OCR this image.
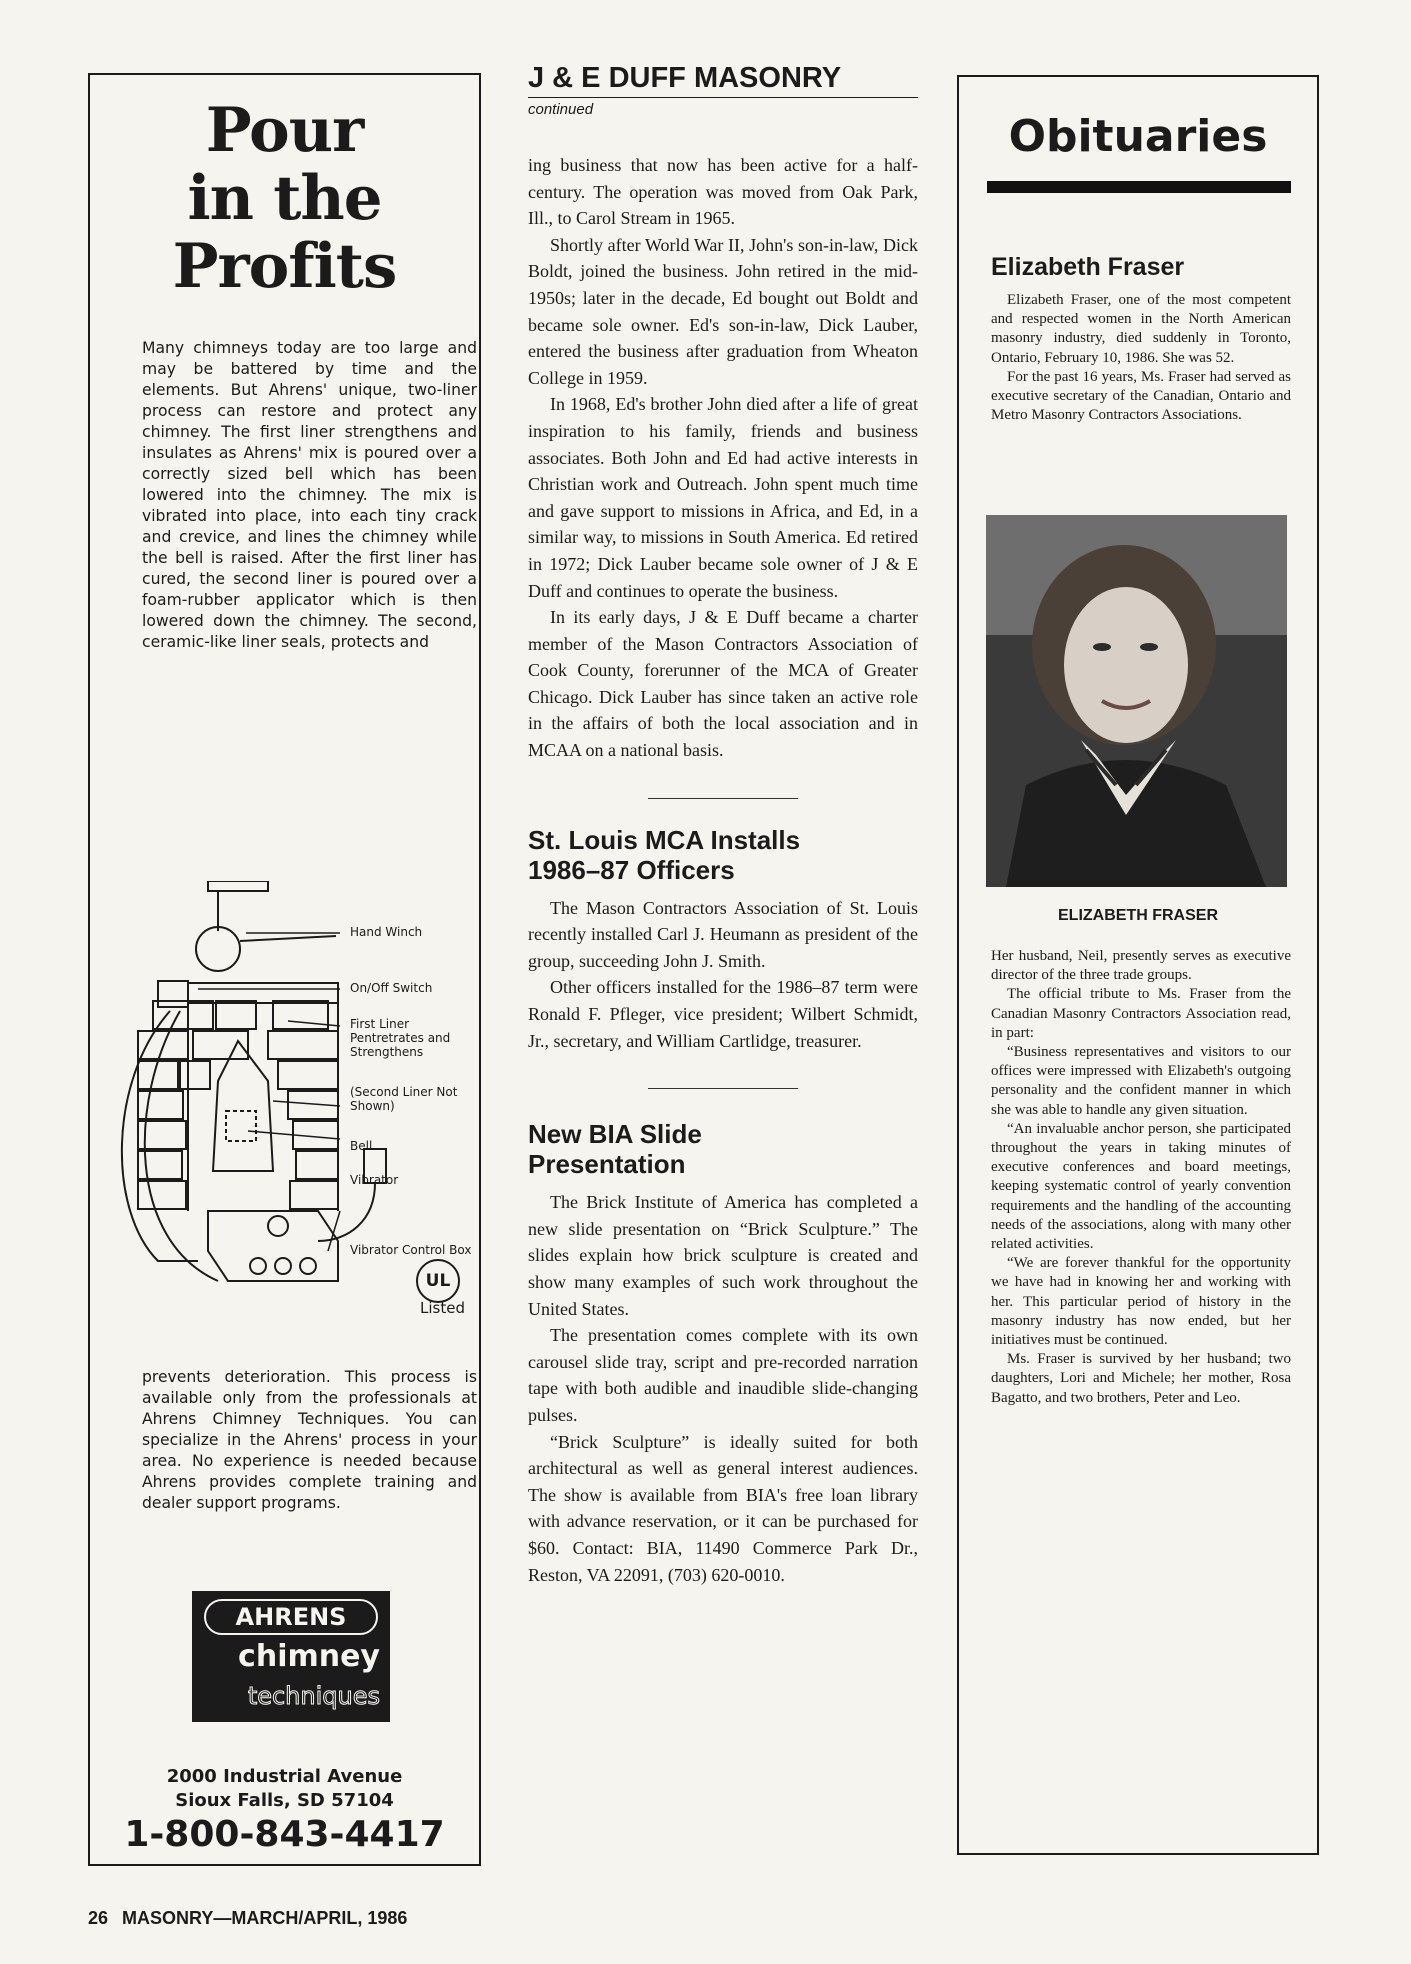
Pour
in the
Profits

Many chimneys today are too large and may be battered by time and the elements. But Ahrens' unique, two-liner process can restore and protect any chimney. The first liner strengthens and insulates as Ahrens' mix is poured over a correctly sized bell which has been lowered into the chimney. The mix is vibrated into place, into each tiny crack and crevice, and lines the chimney while the bell is raised. After the first liner has cured, the second liner is poured over a foam-rubber applicator which is then lowered down the chimney. The second, ceramic-like liner seals, protects and

Hand Winch
On/Off Switch
First Liner Pentretrates and Strengthens
(Second Liner Not Shown)
Bell
Vibrator
Vibrator Control Box
UL
Listed

prevents deterioration. This process is available only from the professionals at Ahrens Chimney Techniques. You can specialize in the Ahrens' process in your area. No experience is needed because Ahrens provides complete training and dealer support programs.

AHRENS
chimney
techniques
2000 Industrial Avenue
Sioux Falls, SD 57104
1-800-843-4417
J & E DUFF MASONRY

continued

ing business that now has been active for a half-century. The operation was moved from Oak Park, Ill., to Carol Stream in 1965.

Shortly after World War II, John's son-in-law, Dick Boldt, joined the business. John retired in the mid-1950s; later in the decade, Ed bought out Boldt and became sole owner. Ed's son-in-law, Dick Lauber, entered the business after graduation from Wheaton College in 1959.

In 1968, Ed's brother John died after a life of great inspiration to his family, friends and business associates. Both John and Ed had active interests in Christian work and Outreach. John spent much time and gave support to missions in Africa, and Ed, in a similar way, to missions in South America. Ed retired in 1972; Dick Lauber became sole owner of J & E Duff and continues to operate the business.

In its early days, J & E Duff became a charter member of the Mason Contractors Association of Cook County, forerunner of the MCA of Greater Chicago. Dick Lauber has since taken an active role in the affairs of both the local association and in MCAA on a national basis.

St. Louis MCA Installs 1986–87 Officers

The Mason Contractors Association of St. Louis recently installed Carl J. Heumann as president of the group, succeeding John J. Smith.

Other officers installed for the 1986–87 term were Ronald F. Pfleger, vice president; Wilbert Schmidt, Jr., secretary, and William Cartlidge, treasurer.

New BIA Slide Presentation

The Brick Institute of America has completed a new slide presentation on “Brick Sculpture.” The slides explain how brick sculpture is created and show many examples of such work throughout the United States.

The presentation comes complete with its own carousel slide tray, script and pre-recorded narration tape with both audible and inaudible slide-changing pulses.

“Brick Sculpture” is ideally suited for both architectural as well as general interest audiences. The show is available from BIA's free loan library with advance reservation, or it can be purchased for $60. Contact: BIA, 11490 Commerce Park Dr., Reston, VA 22091, (703) 620-0010.

Obituaries
Elizabeth Fraser

Elizabeth Fraser, one of the most competent and respected women in the North American masonry industry, died suddenly in Toronto, Ontario, February 10, 1986. She was 52.

For the past 16 years, Ms. Fraser had served as executive secretary of the Canadian, Ontario and Metro Masonry Contractors Associations.

ELIZABETH FRASER

Her husband, Neil, presently serves as executive director of the three trade groups.

The official tribute to Ms. Fraser from the Canadian Masonry Contractors Association read, in part:

“Business representatives and visitors to our offices were impressed with Elizabeth's outgoing personality and the confident manner in which she was able to handle any given situation.

“An invaluable anchor person, she participated throughout the years in taking minutes of executive conferences and board meetings, keeping systematic control of yearly convention requirements and the handling of the accounting needs of the associations, along with many other related activities.

“We are forever thankful for the opportunity we have had in knowing her and working with her. This particular period of history in the masonry industry has now ended, but her initiatives must be continued.

Ms. Fraser is survived by her husband; two daughters, Lori and Michele; her mother, Rosa Bagatto, and two brothers, Peter and Leo.

26 MASONRY—MARCH/APRIL, 1986
